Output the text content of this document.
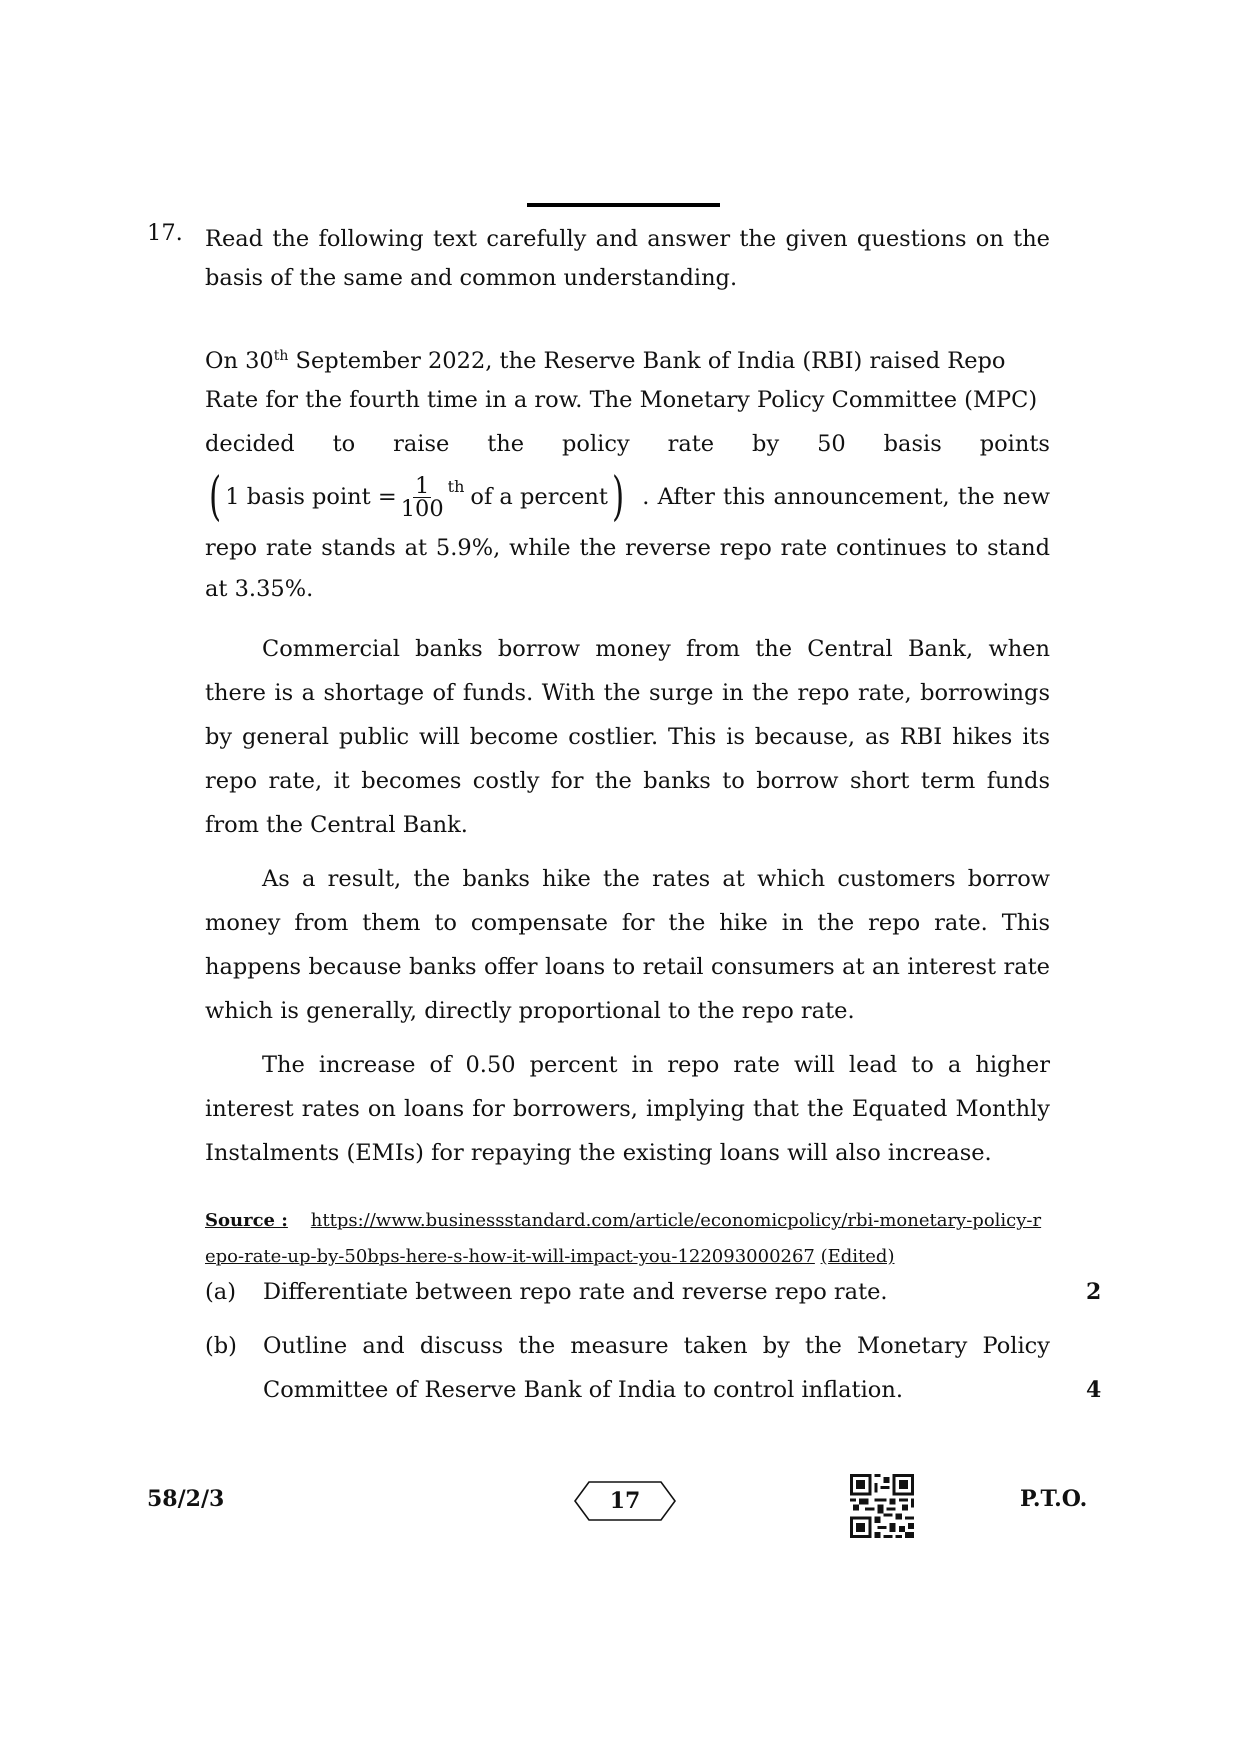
17. Read the following text carefully and answer the given questions on the basis of the same and common understanding.
On 30th September 2022, the Reserve Bank of India (RBI) raised Repo
Rate for the fourth time in a row. The Monetary Policy Committee (MPC)
decided to raise the policy rate by 50 basis points
( 1 basis point = $\frac{1}{100}$ th of a percent ) . After this announcement, the new
repo rate stands at 5.9%, while the reverse repo rate continues to stand at 3.35%.
Commercial banks borrow money from the Central Bank, when there is a shortage of funds. With the surge in the repo rate, borrowings by general public will become costlier. This is because, as RBI hikes its repo rate, it becomes costly for the banks to borrow short term funds from the Central Bank.
As a result, the banks hike the rates at which customers borrow money from them to compensate for the hike in the repo rate. This happens because banks offer loans to retail consumers at an interest rate which is generally, directly proportional to the repo rate.
The increase of 0.50 percent in repo rate will lead to a higher interest rates on loans for borrowers, implying that the Equated Monthly Instalments (EMIs) for repaying the existing loans will also increase.
Source : https://www.businessstandard.com/article/economicpolicy/rbi-monetary-policy-repo-rate-up-by-50bps-here-s-how-it-will-impact-you-122093000267 (Edited)
(a) Differentiate between repo rate and reverse repo rate.	2
(b) Outline and discuss the measure taken by the Monetary Policy Committee of Reserve Bank of India to control inflation.	4
58/2/3	17	P.T.O.
